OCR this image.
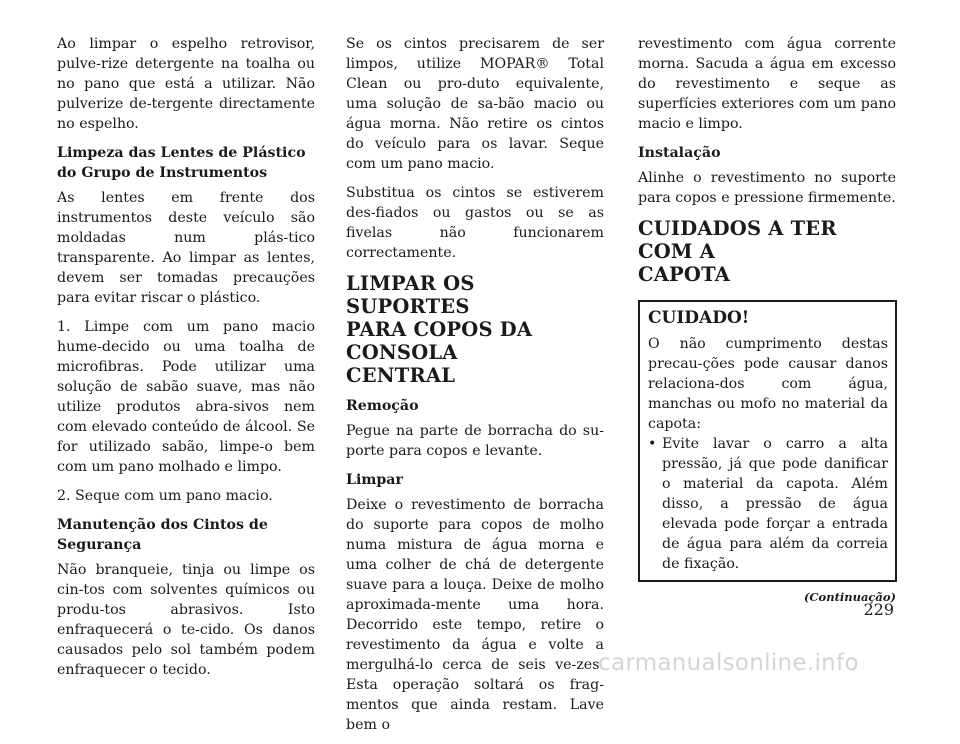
Ao limpar o espelho retrovisor, pulve-rize detergente na toalha ou no pano que está a utilizar. Não pulverize de-tergente directamente no espelho.

Limpeza das Lentes de Plástico
do Grupo de Instrumentos

As lentes em frente dos instrumentos deste veículo são moldadas num plás-tico transparente. Ao limpar as lentes, devem ser tomadas precauções para evitar riscar o plástico.

1. Limpe com um pano macio hume-decido ou uma toalha de microfibras. Pode utilizar uma solução de sabão suave, mas não utilize produtos abra-sivos nem com elevado conteúdo de álcool. Se for utilizado sabão, limpe-o bem com um pano molhado e limpo.

2. Seque com um pano macio.

Manutenção dos Cintos de
Segurança

Não branqueie, tinja ou limpe os cin-tos com solventes químicos ou produ-tos abrasivos. Isto enfraquecerá o te-cido. Os danos causados pelo sol também podem enfraquecer o tecido.

Se os cintos precisarem de ser limpos, utilize MOPAR® Total Clean ou pro-duto equivalente, uma solução de sa-bão macio ou água morna. Não retire os cintos do veículo para os lavar. Seque com um pano macio.

Substitua os cintos se estiverem des-fiados ou gastos ou se as fivelas não funcionarem correctamente.

LIMPAR OS SUPORTES
PARA COPOS DA CONSOLA
CENTRAL
Remoção

Pegue na parte de borracha do su-porte para copos e levante.

Limpar

Deixe o revestimento de borracha do suporte para copos de molho numa mistura de água morna e uma colher de chá de detergente suave para a louça. Deixe de molho aproximada-mente uma hora. Decorrido este tempo, retire o revestimento da água e volte a mergulhá-lo cerca de seis ve-zes. Esta operação soltará os frag-mentos que ainda restam. Lave bem o

revestimento com água corrente morna. Sacuda a água em excesso do revestimento e seque as superfícies exteriores com um pano macio e limpo.

Instalação

Alinhe o revestimento no suporte para copos e pressione firmemente.

CUIDADOS A TER COM A
CAPOTA
CUIDADO!

O não cumprimento destas precau-ções pode causar danos relaciona-dos com água, manchas ou mofo no material da capota:

• Evite lavar o carro a alta pressão, já que pode danificar o material da capota. Além disso, a pressão de água elevada pode forçar a entrada de água para além da correia de fixação.
(Continuação)
229
carmanualsonline.info
